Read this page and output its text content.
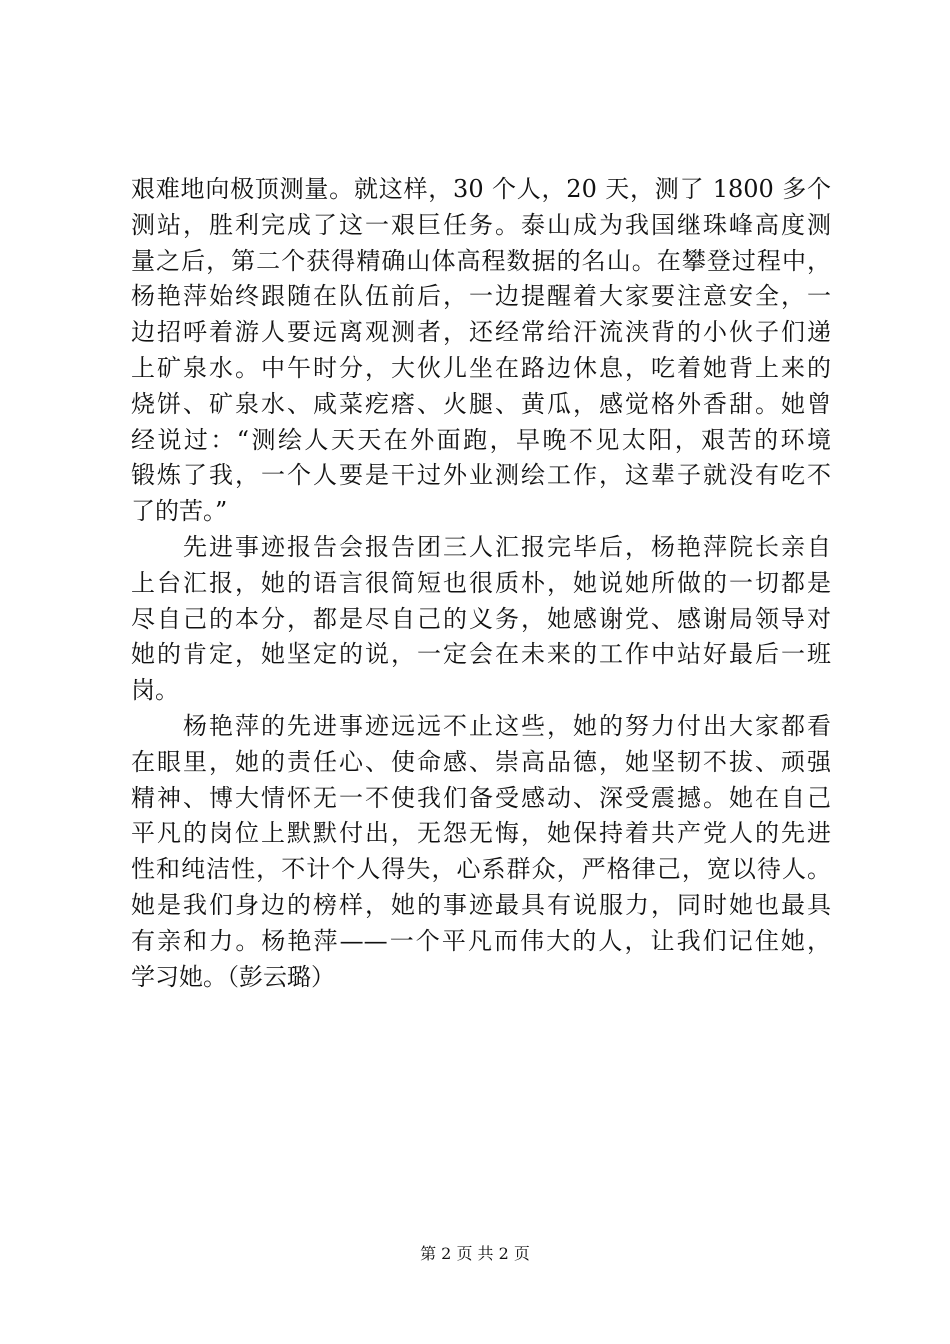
艰难地向极顶测量。就这样，30 个人，20 天，测了 1800 多个
测站，胜利完成了这一艰巨任务。泰山成为我国继珠峰高度测
量之后，第二个获得精确山体高程数据的名山。在攀登过程中，
杨艳萍始终跟随在队伍前后，一边提醒着大家要注意安全，一
边招呼着游人要远离观测者，还经常给汗流浃背的小伙子们递
上矿泉水。中午时分，大伙儿坐在路边休息，吃着她背上来的
烧饼、矿泉水、咸菜疙瘩、火腿、黄瓜，感觉格外香甜。她曾
经说过：“测绘人天天在外面跑，早晚不见太阳，艰苦的环境
锻炼了我，一个人要是干过外业测绘工作，这辈子就没有吃不
了的苦。”
　　先进事迹报告会报告团三人汇报完毕后，杨艳萍院长亲自
上台汇报，她的语言很简短也很质朴，她说她所做的一切都是
尽自己的本分，都是尽自己的义务，她感谢党、感谢局领导对
她的肯定，她坚定的说，一定会在未来的工作中站好最后一班
岗。
　　杨艳萍的先进事迹远远不止这些，她的努力付出大家都看
在眼里，她的责任心、使命感、崇高品德，她坚韧不拔、顽强
精神、博大情怀无一不使我们备受感动、深受震撼。她在自己
平凡的岗位上默默付出，无怨无悔，她保持着共产党人的先进
性和纯洁性，不计个人得失，心系群众，严格律己，宽以待人。
她是我们身边的榜样，她的事迹最具有说服力，同时她也最具
有亲和力。杨艳萍——一个平凡而伟大的人，让我们记住她，
学习她。（彭云璐）
第 2 页 共 2 页
